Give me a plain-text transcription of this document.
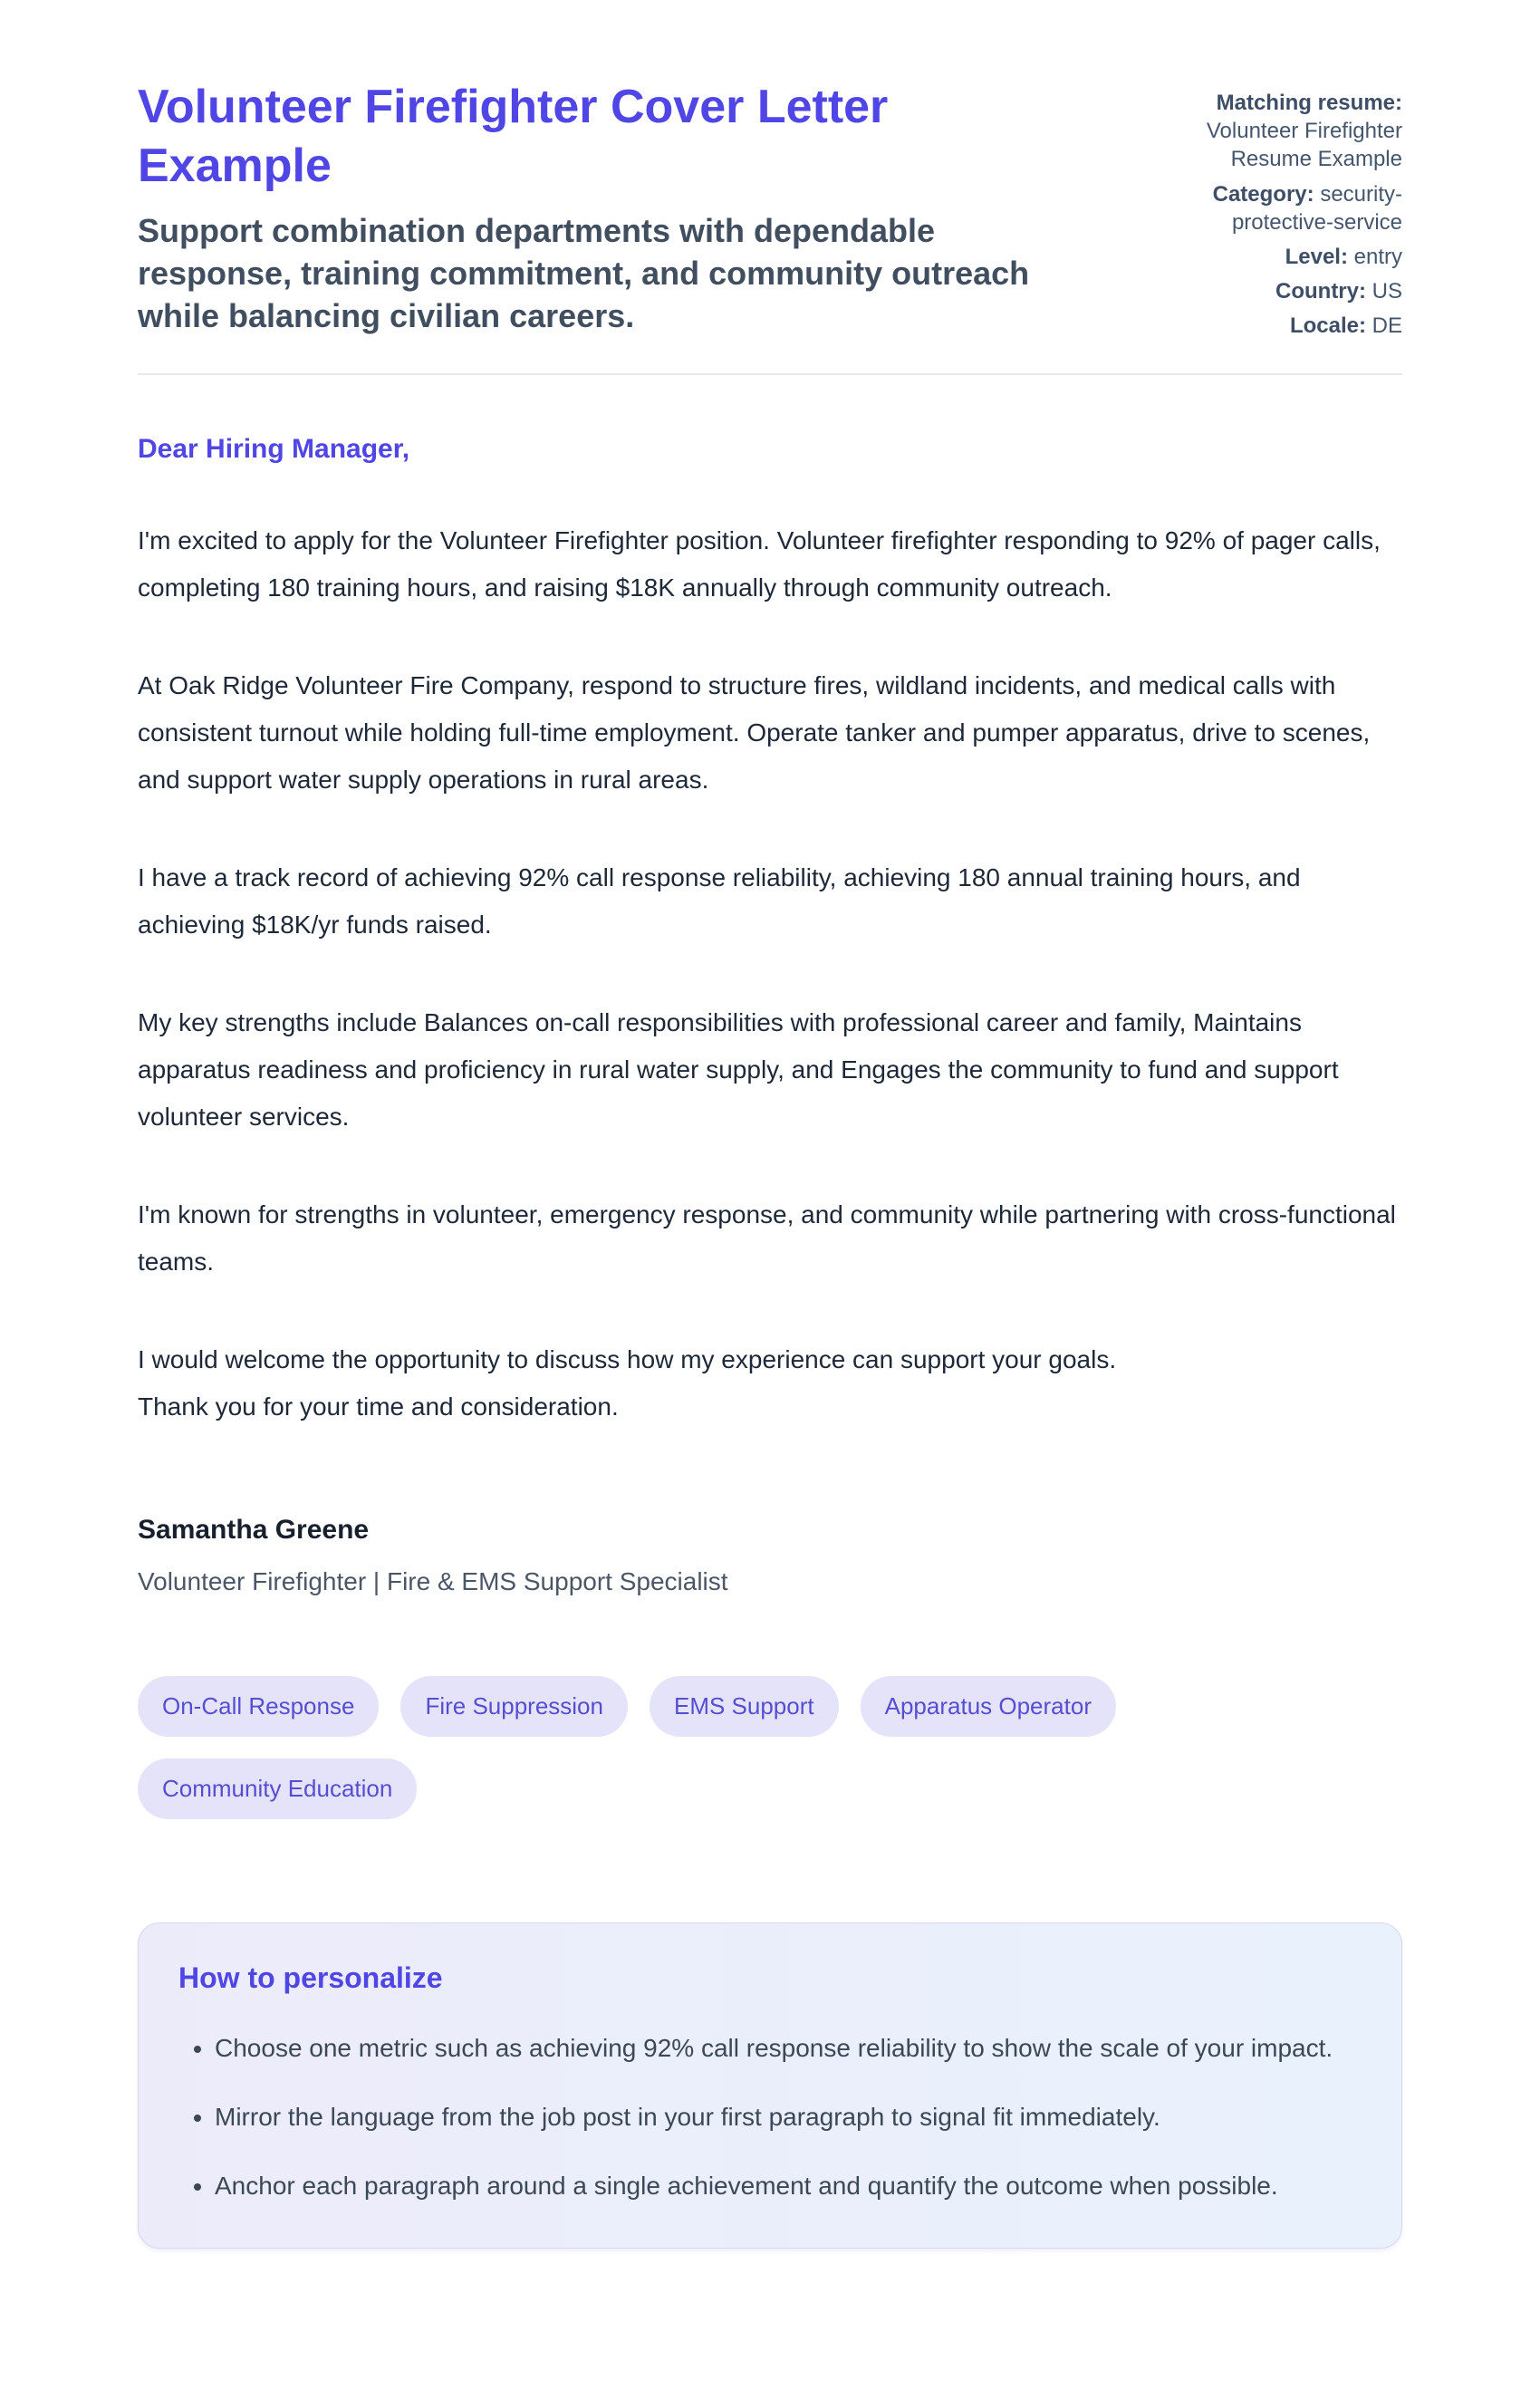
Volunteer Firefighter Cover Letter Example

Support combination departments with dependable response, training commitment, and community outreach while balancing civilian careers.

Matching resume: Volunteer Firefighter Resume Example
Category: security-protective-service
Level: entry
Country: US
Locale: DE
Dear Hiring Manager,

I'm excited to apply for the Volunteer Firefighter position. Volunteer firefighter responding to 92% of pager calls, completing 180 training hours, and raising $18K annually through community outreach.

At Oak Ridge Volunteer Fire Company, respond to structure fires, wildland incidents, and medical calls with consistent turnout while holding full-time employment. Operate tanker and pumper apparatus, drive to scenes, and support water supply operations in rural areas.

I have a track record of achieving 92% call response reliability, achieving 180 annual training hours, and achieving $18K/yr funds raised.

My key strengths include Balances on-call responsibilities with professional career and family, Maintains apparatus readiness and proficiency in rural water supply, and Engages the community to fund and support volunteer services.

I'm known for strengths in volunteer, emergency response, and community while partnering with cross-functional teams.

I would welcome the opportunity to discuss how my experience can support your goals.
Thank you for your time and consideration.

Samantha Greene

Volunteer Firefighter | Fire & EMS Support Specialist

On-Call Response	Fire Suppression	EMS Support	Apparatus Operator
Community Education
How to personalize
• Choose one metric such as achieving 92% call response reliability to show the scale of your impact.
• Mirror the language from the job post in your first paragraph to signal fit immediately.
• Anchor each paragraph around a single achievement and quantify the outcome when possible.
